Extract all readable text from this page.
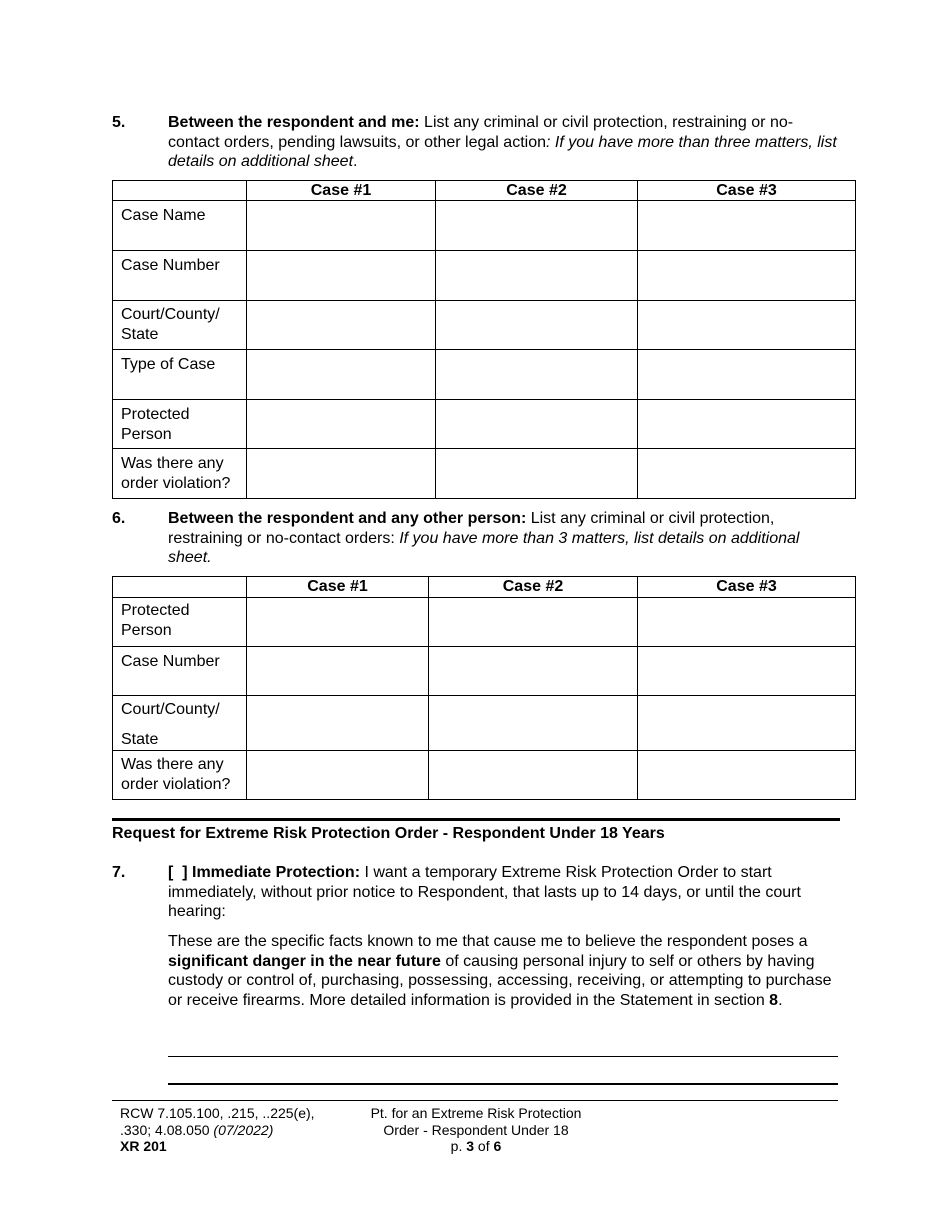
5.	Between the respondent and me: List any criminal or civil protection, restraining or no-contact orders, pending lawsuits, or other legal action: If you have more than three matters, list details on additional sheet.
	Case #1	Case #2	Case #3
Case Name			
Case Number			
Court/County/ State			
Type of Case			
Protected Person			
Was there any order violation?			
6.	Between the respondent and any other person: List any criminal or civil protection, restraining or no-contact orders: If you have more than 3 matters, list details on additional sheet.
	Case #1	Case #2	Case #3
Protected Person			
Case Number			

Court/County/
State			

Was there any order violation?			
Request for Extreme Risk Protection Order - Respondent Under 18 Years
7.	[  ] Immediate Protection: I want a temporary Extreme Risk Protection Order to start immediately, without prior notice to Respondent, that lasts up to 14 days, or until the court hearing:
These are the specific facts known to me that cause me to believe the respondent poses a significant danger in the near future of causing personal injury to self or others by having custody or control of, purchasing, possessing, accessing, receiving, or attempting to purchase or receive firearms. More detailed information is provided in the Statement in section 8.
RCW 7.105.100, .215, ..225(e),
.330; 4.08.050 (07/2022)
XR 201
Pt. for an Extreme Risk Protection
Order - Respondent Under 18
p. 3 of 6
